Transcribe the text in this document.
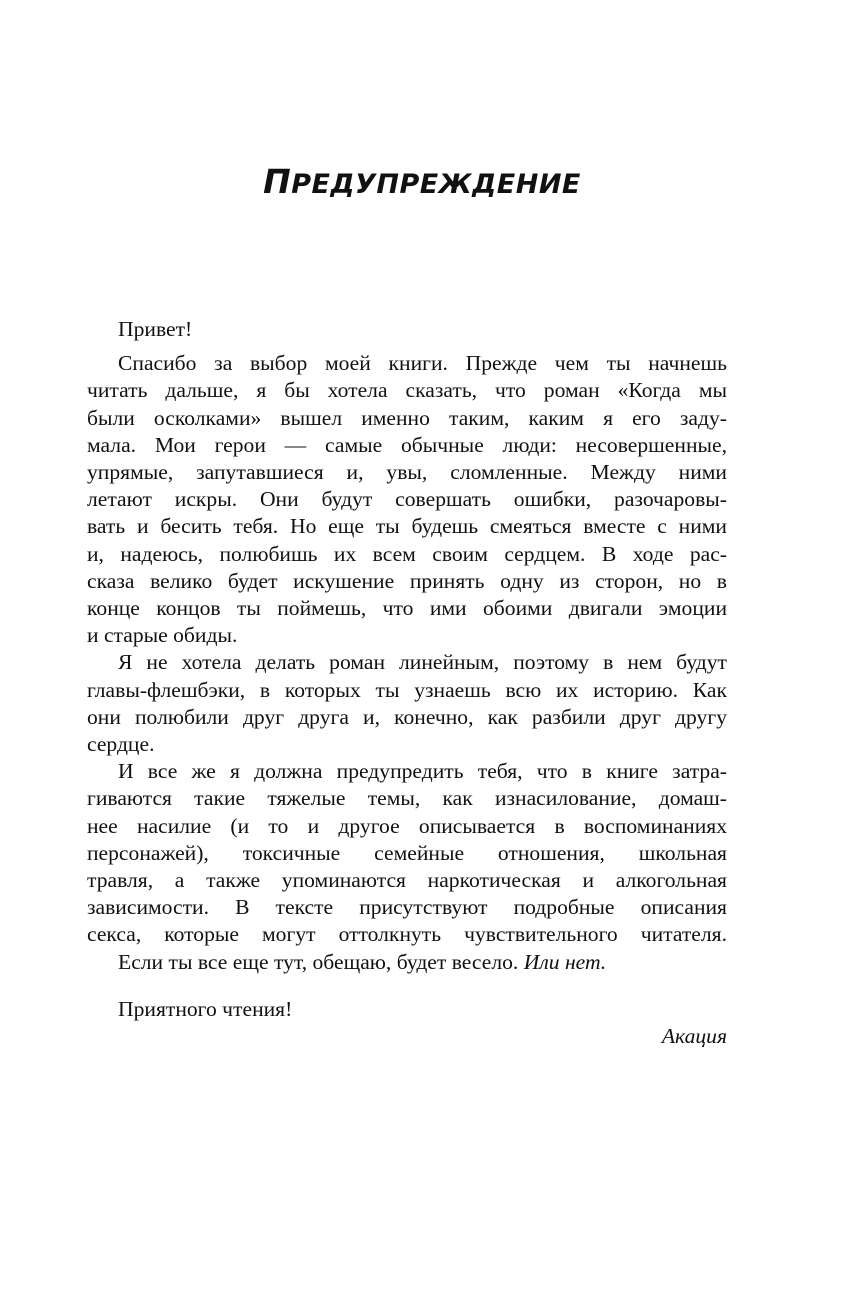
ПРЕДУПРЕЖДЕНИЕ

Привет!

Спасибо за выбор моей книги. Прежде чем ты начнешь
читать дальше, я бы хотела сказать, что роман «Когда мы
были осколками» вышел именно таким, каким я его заду-
мала. Мои герои — самые обычные люди: несовершенные,
упрямые, запутавшиеся и, увы, сломленные. Между ними
летают искры. Они будут совершать ошибки, разочаровы-
вать и бесить тебя. Но еще ты будешь смеяться вместе с ними
и, надеюсь, полюбишь их всем своим сердцем. В ходе рас-
сказа велико будет искушение принять одну из сторон, но в
конце концов ты поймешь, что ими обоими двигали эмоции
и старые обиды.
Я не хотела делать роман линейным, поэтому в нем будут
главы-флешбэки, в которых ты узнаешь всю их историю. Как
они полюбили друг друга и, конечно, как разбили друг другу
сердце.
И все же я должна предупредить тебя, что в книге затра-
гиваются такие тяжелые темы, как изнасилование, домаш-
нее насилие (и то и другое описывается в воспоминаниях
персонажей), токсичные семейные отношения, школьная
травля, а также упоминаются наркотическая и алкогольная
зависимости. В тексте присутствуют подробные описания
секса, которые могут оттолкнуть чувствительного читателя.
Если ты все еще тут, обещаю, будет весело. Или нет.

Приятного чтения!

Акация
